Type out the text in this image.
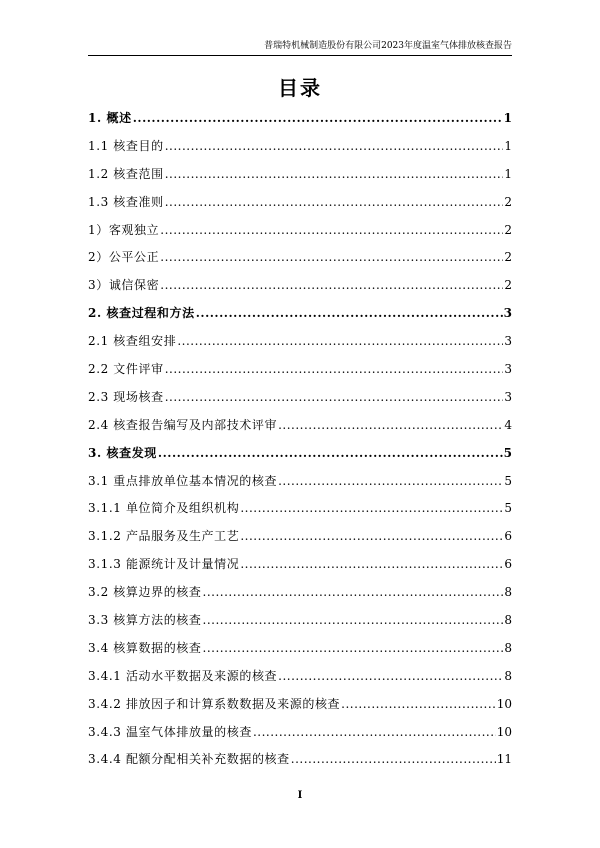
普瑞特机械制造股份有限公司2023年度温室气体排放核查报告
目录
1. 概述 .....	1
1.1 核查目的 .....	1
1.2 核查范围 .....	1
1.3 核查准则 .....	2
1）客观独立 .....	2
2）公平公正 .....	2
3）诚信保密 .....	2
2. 核查过程和方法 .....	3
2.1 核查组安排 .....	3
2.2 文件评审 .....	3
2.3 现场核查 .....	3
2.4 核查报告编写及内部技术评审 .....	4
3. 核查发现 .....	5
3.1 重点排放单位基本情况的核查 .....	5
3.1.1 单位简介及组织机构 .....	5
3.1.2 产品服务及生产工艺 .....	6
3.1.3 能源统计及计量情况 .....	6
3.2 核算边界的核查 .....	8
3.3 核算方法的核查 .....	8
3.4 核算数据的核查 .....	8
3.4.1 活动水平数据及来源的核查 .....	8
3.4.2 排放因子和计算系数数据及来源的核查 .....	10
3.4.3 温室气体排放量的核查 .....	10
3.4.4 配额分配相关补充数据的核查 .....	11
I
